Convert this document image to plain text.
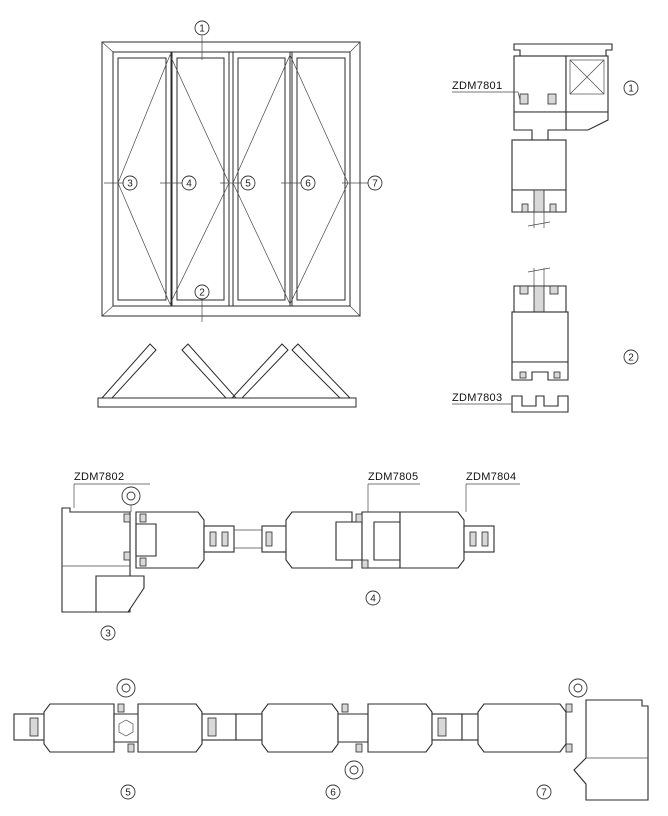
1
2
3	4	5	6	7
ZDM7801	1
ZDM7803
2
ZDM7802	ZDM7805	ZDM7804
3
4
5	6	7
